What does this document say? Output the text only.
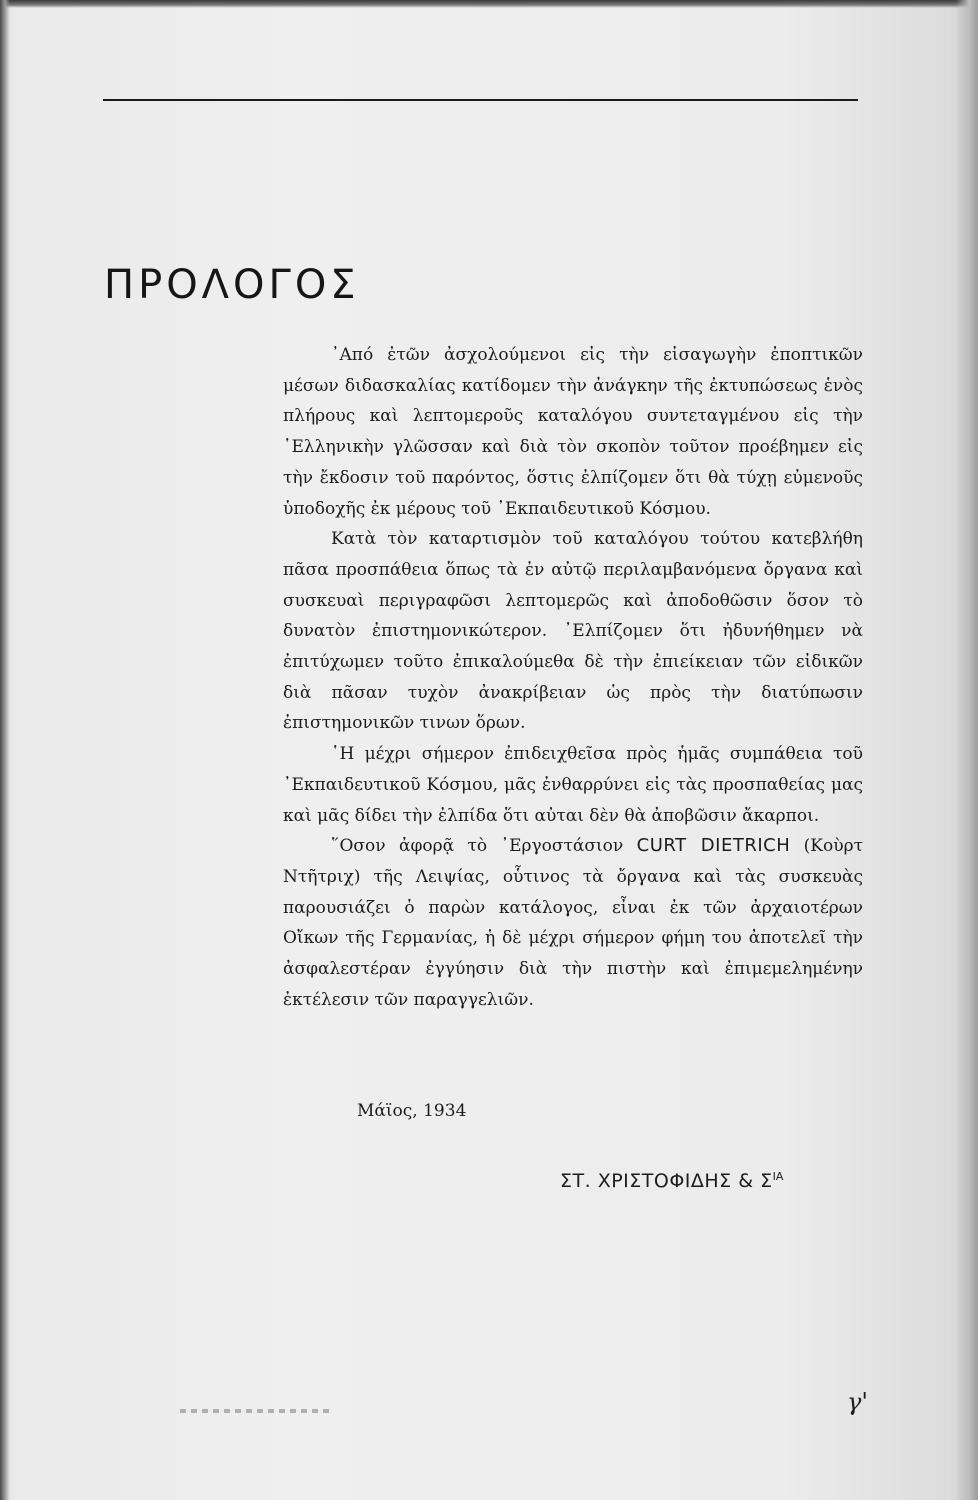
ΠΡΟΛΟΓΟΣ

᾿Από ἐτῶν ἀσχολούμενοι εἰς τὴν εἰσαγωγὴν ἐποπτικῶν μέσων διδασκαλίας κατίδομεν τὴν ἀνάγκην τῆς ἐκτυπώσεως ἑνὸς πλήρους καὶ λεπτομεροῦς καταλόγου συντεταγμένου εἰς τὴν ῾Ελληνικὴν γλῶσσαν καὶ διὰ τὸν σκοπὸν τοῦτον προέβημεν εἰς τὴν ἔκδοσιν τοῦ παρόντος, ὅστις ἐλπίζομεν ὅτι θὰ τύχῃ εὐμενοῦς ὑποδοχῆς ἐκ μέρους τοῦ ᾿Εκπαιδευτικοῦ Κόσμου.

Κατὰ τὸν καταρτισμὸν τοῦ καταλόγου τούτου κατεβλήθη πᾶσα προσπάθεια ὅπως τὰ ἐν αὐτῷ περιλαμβανόμενα ὄργανα καὶ συσκευαὶ περιγραφῶσι λεπτομερῶς καὶ ἀποδοθῶσιν ὅσον τὸ δυνατὸν ἐπιστημονικώτερον. ᾿Ελπίζομεν ὅτι ἠδυνήθημεν νὰ ἐπιτύχωμεν τοῦτο ἐπικαλούμεθα δὲ τὴν ἐπιείκειαν τῶν εἰδικῶν διὰ πᾶσαν τυχὸν ἀνακρίβειαν ὡς πρὸς τὴν διατύπωσιν ἐπιστημονικῶν τινων ὅρων.

῾Η μέχρι σήμερον ἐπιδειχθεῖσα πρὸς ἡμᾶς συμπάθεια τοῦ ᾿Εκπαιδευτικοῦ Κόσμου, μᾶς ἐνθαρρύνει εἰς τὰς προσπαθείας μας καὶ μᾶς δίδει τὴν ἐλπίδα ὅτι αὐται δὲν θὰ ἀποβῶσιν ἄκαρποι.

῞Οσον ἀφορᾷ τὸ ᾿Εργοστάσιον CURT DIETRICH (Κοὺρτ Ντῆτριχ) τῆς Λειψίας, οὗτινος τὰ ὄργανα καὶ τὰς συσκευὰς παρουσιάζει ὁ παρὼν κατάλογος, εἶναι ἐκ τῶν ἀρχαιοτέρων Οἴκων τῆς Γερμανίας, ἡ δὲ μέχρι σήμερον φήμη του ἀποτελεῖ τὴν ἀσφαλεστέραν ἐγγύησιν διὰ τὴν πιστὴν καὶ ἐπιμεμελημένην ἐκτέλεσιν τῶν παραγγελιῶν.

Μάϊος, 1934
ΣΤ. ΧΡΙΣΤΟΦΙΔΗΣ & $\Sigma^{IA}$
γ'
